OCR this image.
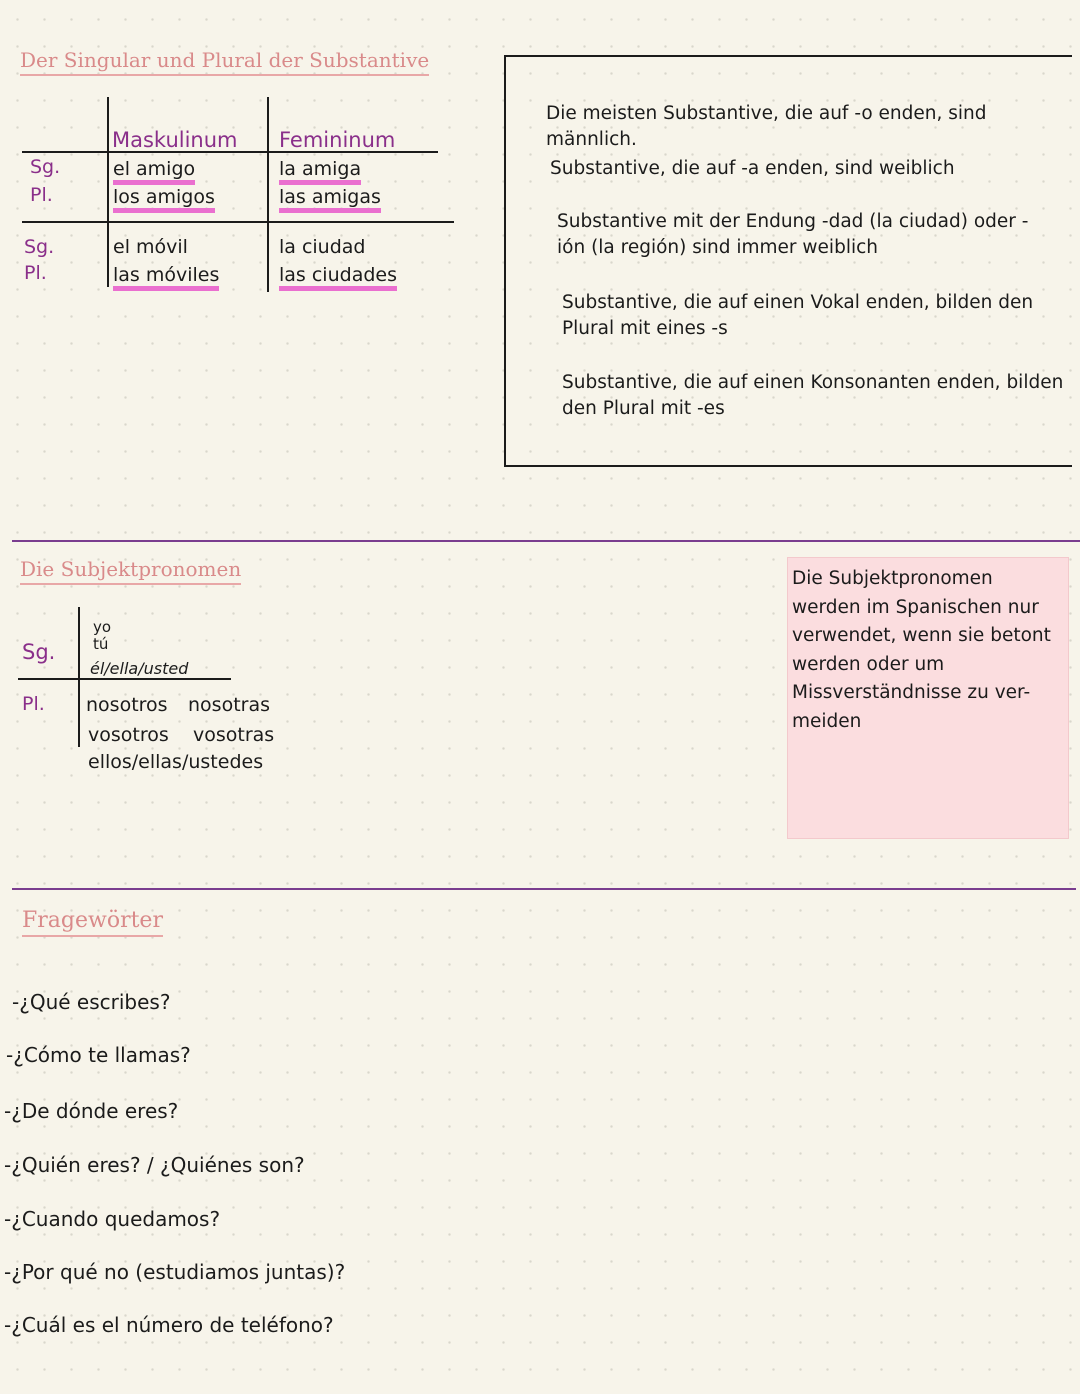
Der Singular und Plural der Substantive
Maskulinum Femininum
Sg.
Pl.
el amigo
los amigos
la amiga
las amigas
Sg.
Pl.
el móvil
las móviles
la ciudad
las ciudades
Die meisten Substantive, die auf -o enden, sind männlich.
Substantive, die auf -a enden, sind weiblich
Substantive mit der Endung -dad (la ciudad) oder -ión (la región) sind immer weiblich
Substantive, die auf einen Vokal enden, bilden den Plural mit eines -s
Substantive, die auf einen Konsonanten enden, bilden den Plural mit -es
Die Subjektpronomen
Sg.
Pl.
yo
tú
él/ella/usted
nosotros nosotras
vosotros vosotras
ellos/ellas/ustedes
Die Subjektpronomen werden im Spanischen nur verwendet, wenn sie betont werden oder um Missverständnisse zu ver- meiden
Fragewörter
-¿Qué escribes?
-¿Cómo te llamas?
-¿De dónde eres?
-¿Quién eres? / ¿Quiénes son?
-¿Cuando quedamos?
-¿Por qué no (estudiamos juntas)?
-¿Cuál es el número de teléfono?
